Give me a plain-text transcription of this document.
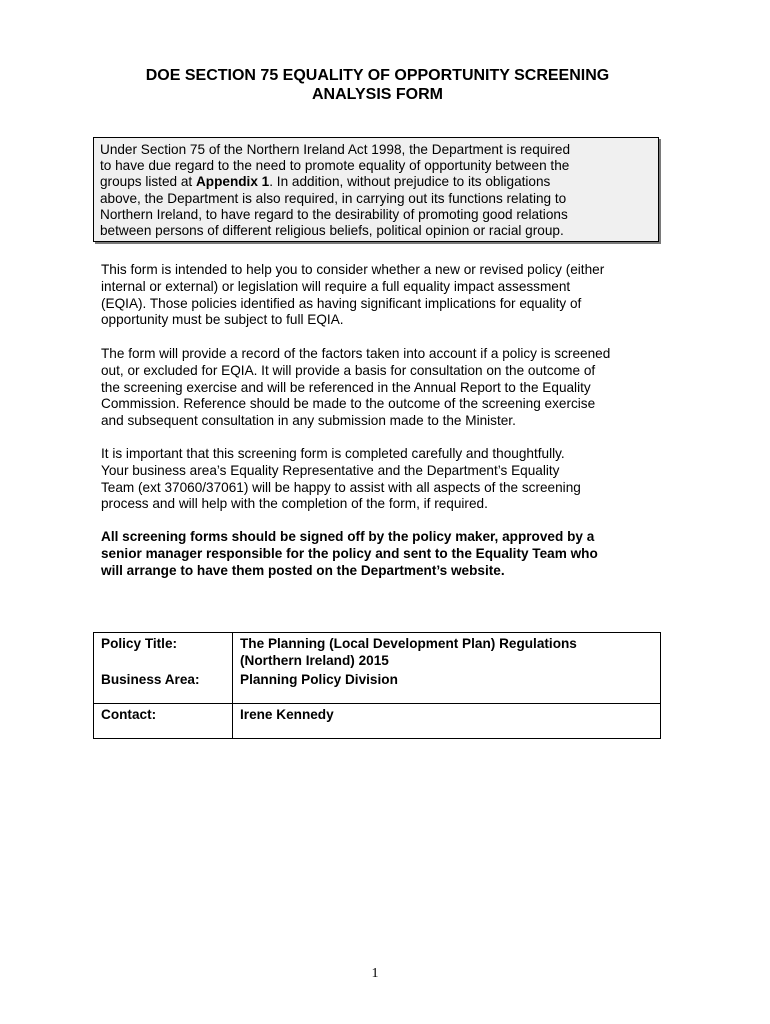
DOE SECTION 75 EQUALITY OF OPPORTUNITY SCREENING
ANALYSIS FORM
Under Section 75 of the Northern Ireland Act 1998, the Department is required
to have due regard to the need to promote equality of opportunity between the
groups listed at Appendix 1. In addition, without prejudice to its obligations
above, the Department is also required, in carrying out its functions relating to
Northern Ireland, to have regard to the desirability of promoting good relations
between persons of different religious beliefs, political opinion or racial group.
This form is intended to help you to consider whether a new or revised policy (either
internal or external) or legislation will require a full equality impact assessment
(EQIA). Those policies identified as having significant implications for equality of
opportunity must be subject to full EQIA.
The form will provide a record of the factors taken into account if a policy is screened
out, or excluded for EQIA. It will provide a basis for consultation on the outcome of
the screening exercise and will be referenced in the Annual Report to the Equality
Commission. Reference should be made to the outcome of the screening exercise
and subsequent consultation in any submission made to the Minister.
It is important that this screening form is completed carefully and thoughtfully.
Your business area’s Equality Representative and the Department’s Equality
Team (ext 37060/37061) will be happy to assist with all aspects of the screening
process and will help with the completion of the form, if required.
All screening forms should be signed off by the policy maker, approved by a
senior manager responsible for the policy and sent to the Equality Team who
will arrange to have them posted on the Department’s website.
Policy Title:	The Planning (Local Development Plan) Regulations
(Northern Ireland) 2015

Business Area:	Planning Policy Division
Contact:	Irene Kennedy
1
